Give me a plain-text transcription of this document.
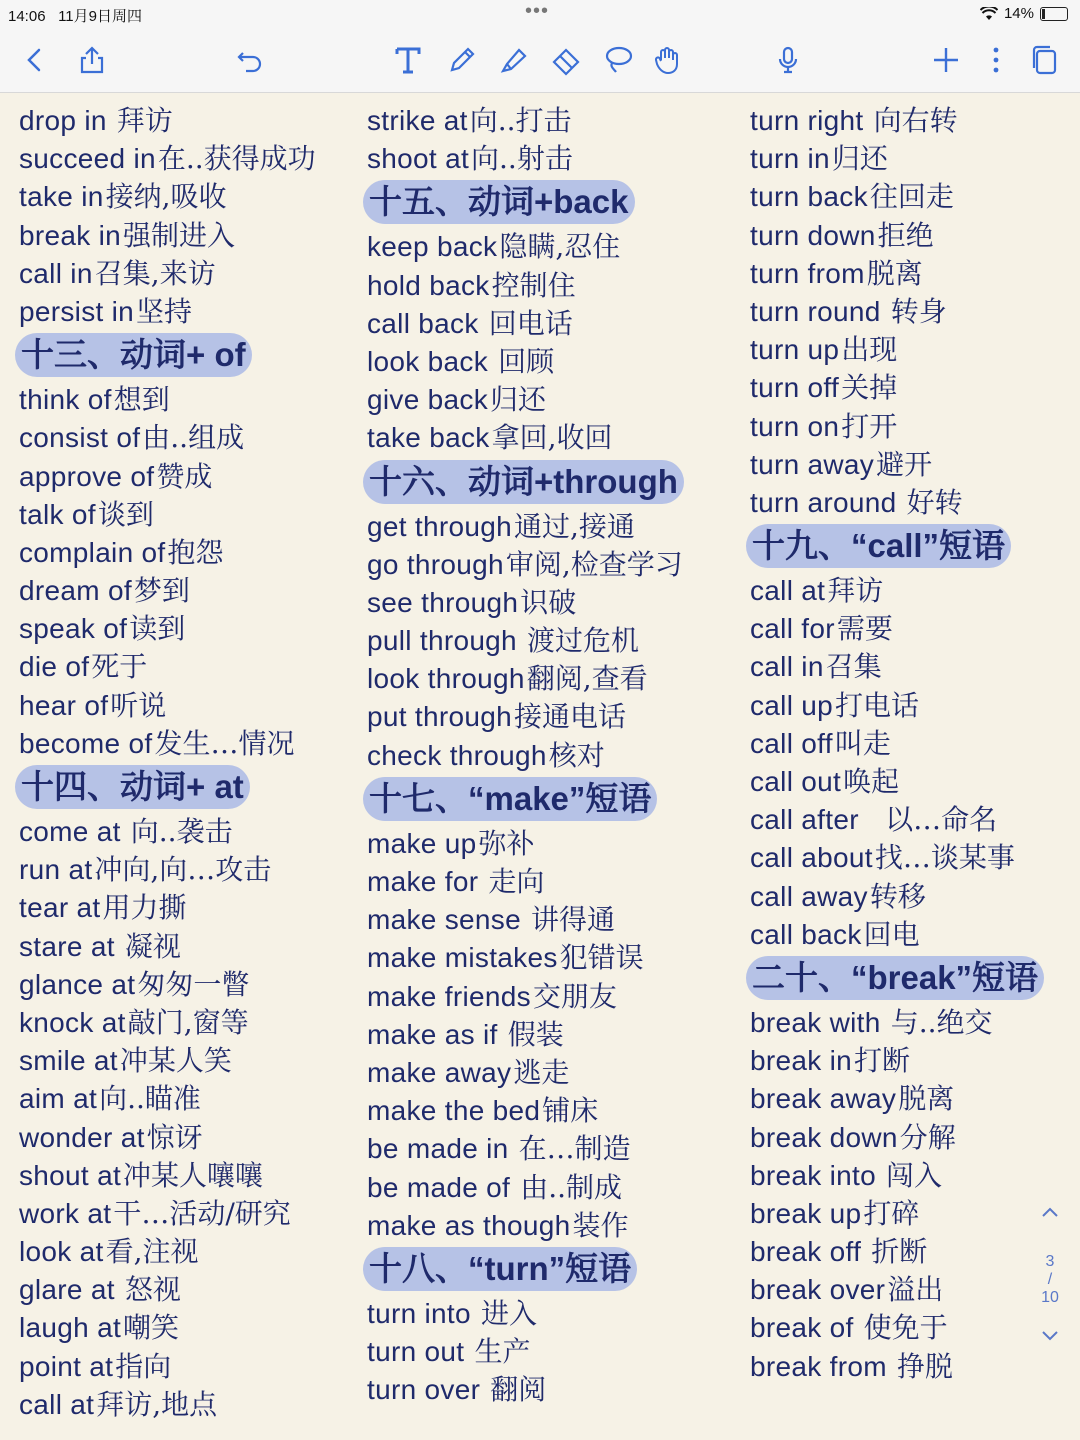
14:06 11月9日周四	•••	14%
drop in 拜访
succeed in在..获得成功
take in接纳,吸收
break in强制进入
call in召集,来访
persist in坚持
十三、动词+ of
think of想到
consist of由..组成
approve of赞成
talk of谈到
complain of抱怨
dream of梦到
speak of读到
die of死于
hear of听说
become of发生…情况
十四、动词+ at
come at 向..袭击
run at冲向,向…攻击
tear at用力撕
stare at 凝视
glance at匆匆一瞥
knock at敲门,窗等
smile at冲某人笑
aim at向..瞄准
wonder at惊讶
shout at冲某人嚷嚷
work at干…活动/研究
look at看,注视
glare at 怒视
laugh at嘲笑
point at指向
call at拜访,地点
strike at向..打击
shoot at向..射击
十五、动词+back
keep back隐瞒,忍住
hold back控制住
call back 回电话
look back 回顾
give back归还
take back拿回,收回
十六、动词+through
get through通过,接通
go through审阅,检查学习
see through识破
pull through 渡过危机
look through翻阅,查看
put through接通电话
check through核对
十七、“make”短语
make up弥补
make for 走向
make sense 讲得通
make mistakes犯错误
make friends交朋友
make as if 假装
make away逃走
make the bed铺床
be made in 在…制造
be made of 由..制成
make as though装作
十八、“turn”短语
turn into 进入
turn out 生产
turn over 翻阅
turn right 向右转
turn in归还
turn back往回走
turn down拒绝
turn from脱离
turn round 转身
turn up出现
turn off关掉
turn on打开
turn away避开
turn around 好转
十九、“call”短语
call at拜访
call for需要
call in召集
call up打电话
call off叫走
call out唤起
call after   以…命名
call about找…谈某事
call away转移
call back回电
二十、“break”短语
break with 与..绝交
break in打断
break away脱离
break down分解
break into 闯入
break up打碎
break off 折断
break over溢出
break of 使免于
break from 挣脱
3
/
10
